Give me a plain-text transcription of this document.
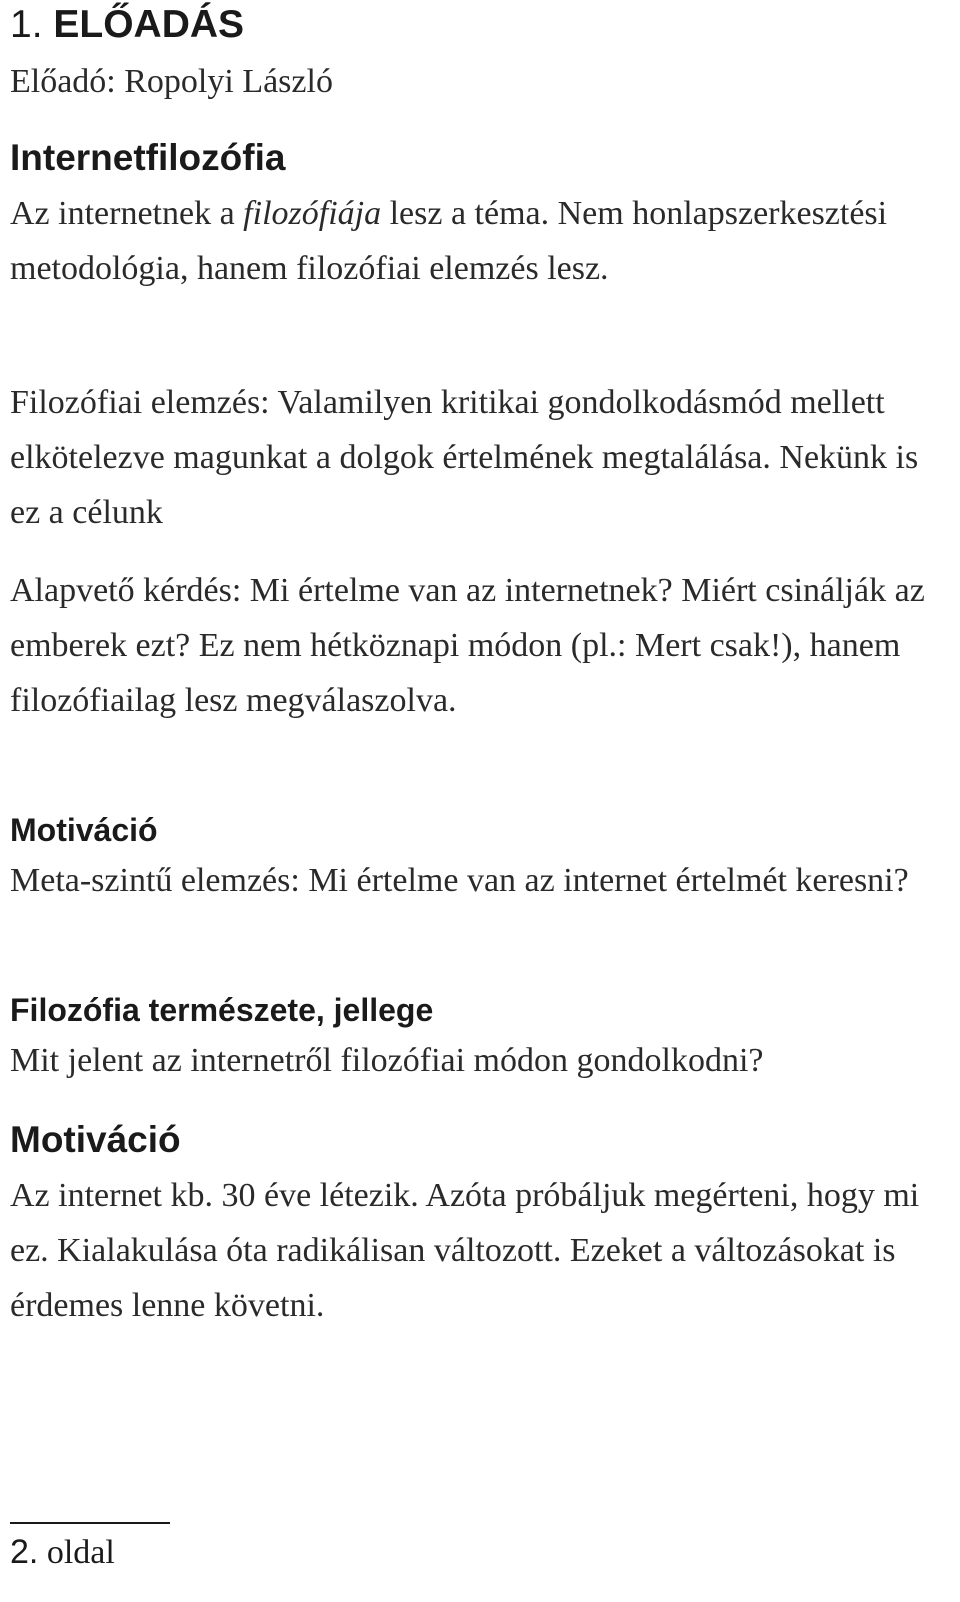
1. ELŐADÁS

Előadó: Ropolyi László

Internetfilozófia

Az internetnek a filozófiája lesz a téma. Nem honlapszerkesztési metodológia, hanem filozófiai elemzés lesz.

Filozófiai elemzés: Valamilyen kritikai gondolkodásmód mellett elkötelezve magunkat a dolgok értelmének megtalálása. Nekünk is ez a célunk

Alapvető kérdés: Mi értelme van az internetnek? Miért csinálják az emberek ezt? Ez nem hétköznapi módon (pl.: Mert csak!), hanem filozófiailag lesz megválaszolva.

Motiváció

Meta-szintű elemzés: Mi értelme van az internet értelmét keresni?

Filozófia természete, jellege

Mit jelent az internetről filozófiai módon gondolkodni?

Motiváció

Az internet kb. 30 éve létezik. Azóta próbáljuk megérteni, hogy mi ez. Kialakulása óta radikálisan változott. Ezeket a változásokat is érdemes lenne követni.

2. oldal
